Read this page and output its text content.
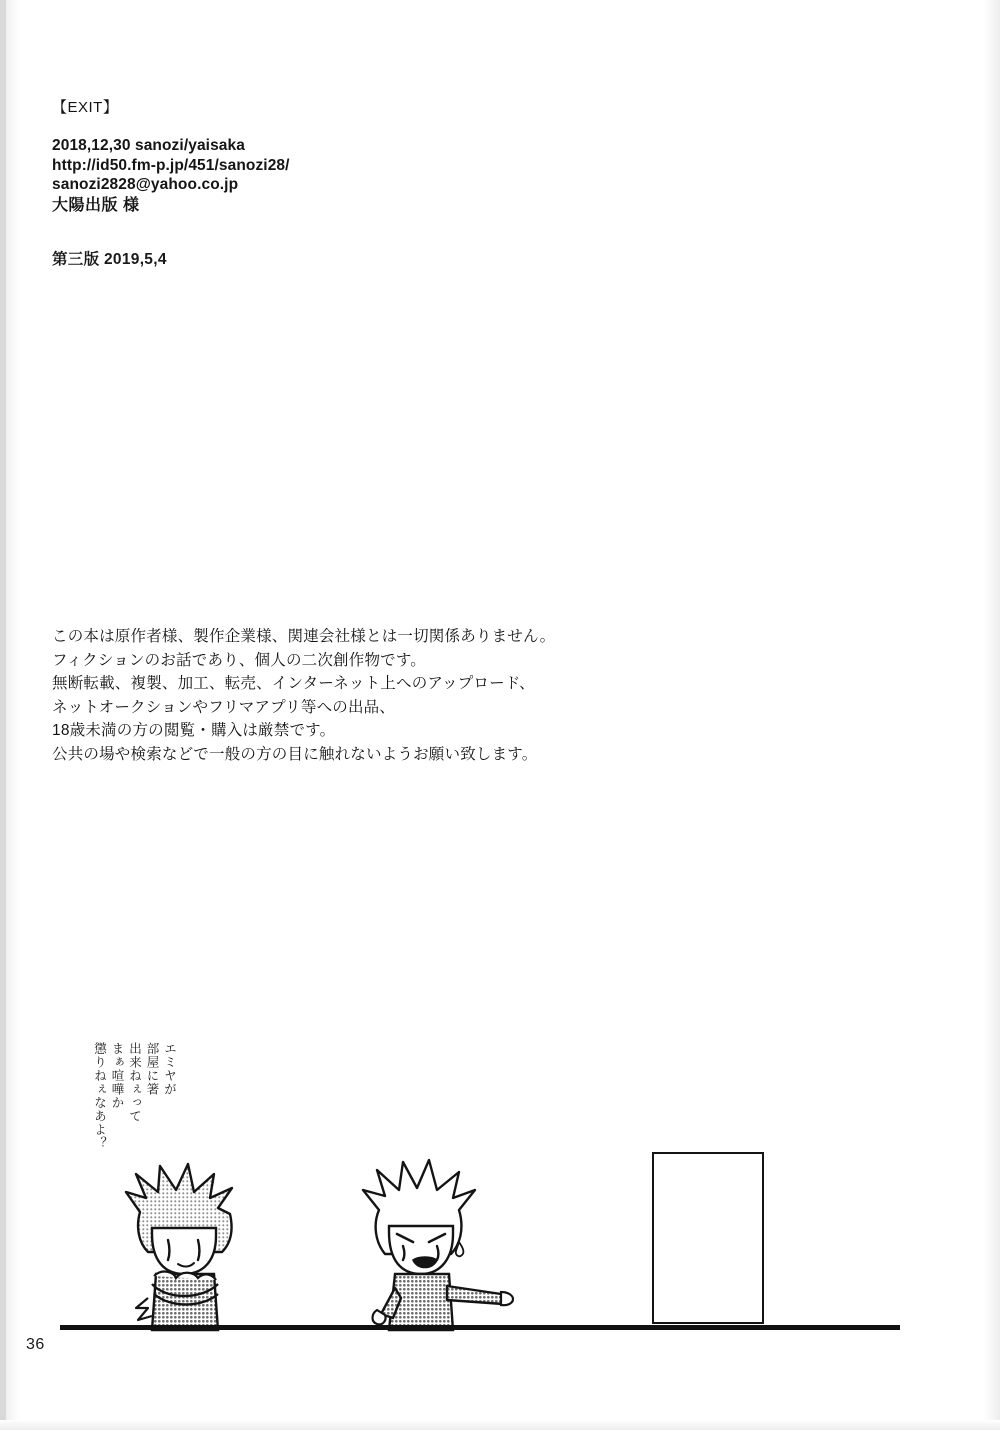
【EXIT】
2018,12,30 sanozi/yaisaka
http://id50.fm-p.jp/451/sanozi28/
sanozi2828@yahoo.co.jp
大陽出版 様
第三版 2019,5,4
この本は原作者様、製作企業様、関連会社様とは一切関係ありません。
フィクションのお話であり、個人の二次創作物です。
無断転載、複製、加工、転売、インターネット上へのアップロード、
ネットオークションやフリマアプリ等への出品、
18歳未満の方の閲覧・購入は厳禁です。
公共の場や検索などで一般の方の目に触れないようお願い致します。
エミヤが
部屋に箸
出来ねぇって
まぁ喧嘩か
懲りねぇなあよ？
36
